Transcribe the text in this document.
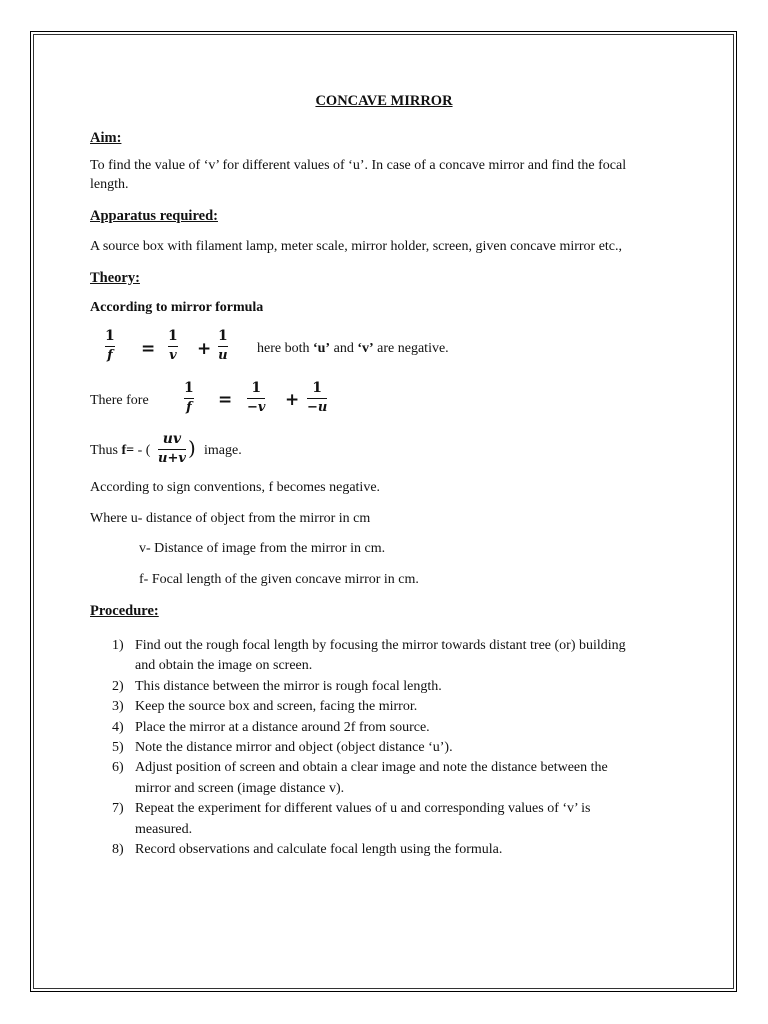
CONCAVE MIRROR
Aim:
To find the value of ‘v’ for different values of ‘u’. In case of a concave mirror and find the focal
length.
Apparatus required:
A source box with filament lamp, meter scale, mirror holder, screen, given concave mirror etc.,
Theory:
According to mirror formula
1
f =
1
v +
1
u here both ‘u’ and ‘v’ are negative.
There fore
1
f =
1
−v +
1
−u
Thus f= - (
uv
u+v ) image.
According to sign conventions, f becomes negative.
Where u- distance of object from the mirror in cm
v- Distance of image from the mirror in cm.
f- Focal length of the given concave mirror in cm.
Procedure:
1) Find out the rough focal length by focusing the mirror towards distant tree (or) building
and obtain the image on screen.
2) This distance between the mirror is rough focal length.
3) Keep the source box and screen, facing the mirror.
4) Place the mirror at a distance around 2f from source.
5) Note the distance mirror and object (object distance ‘u’).
6) Adjust position of screen and obtain a clear image and note the distance between the
mirror and screen (image distance v).
7) Repeat the experiment for different values of u and corresponding values of ‘v’ is
measured.
8) Record observations and calculate focal length using the formula.
